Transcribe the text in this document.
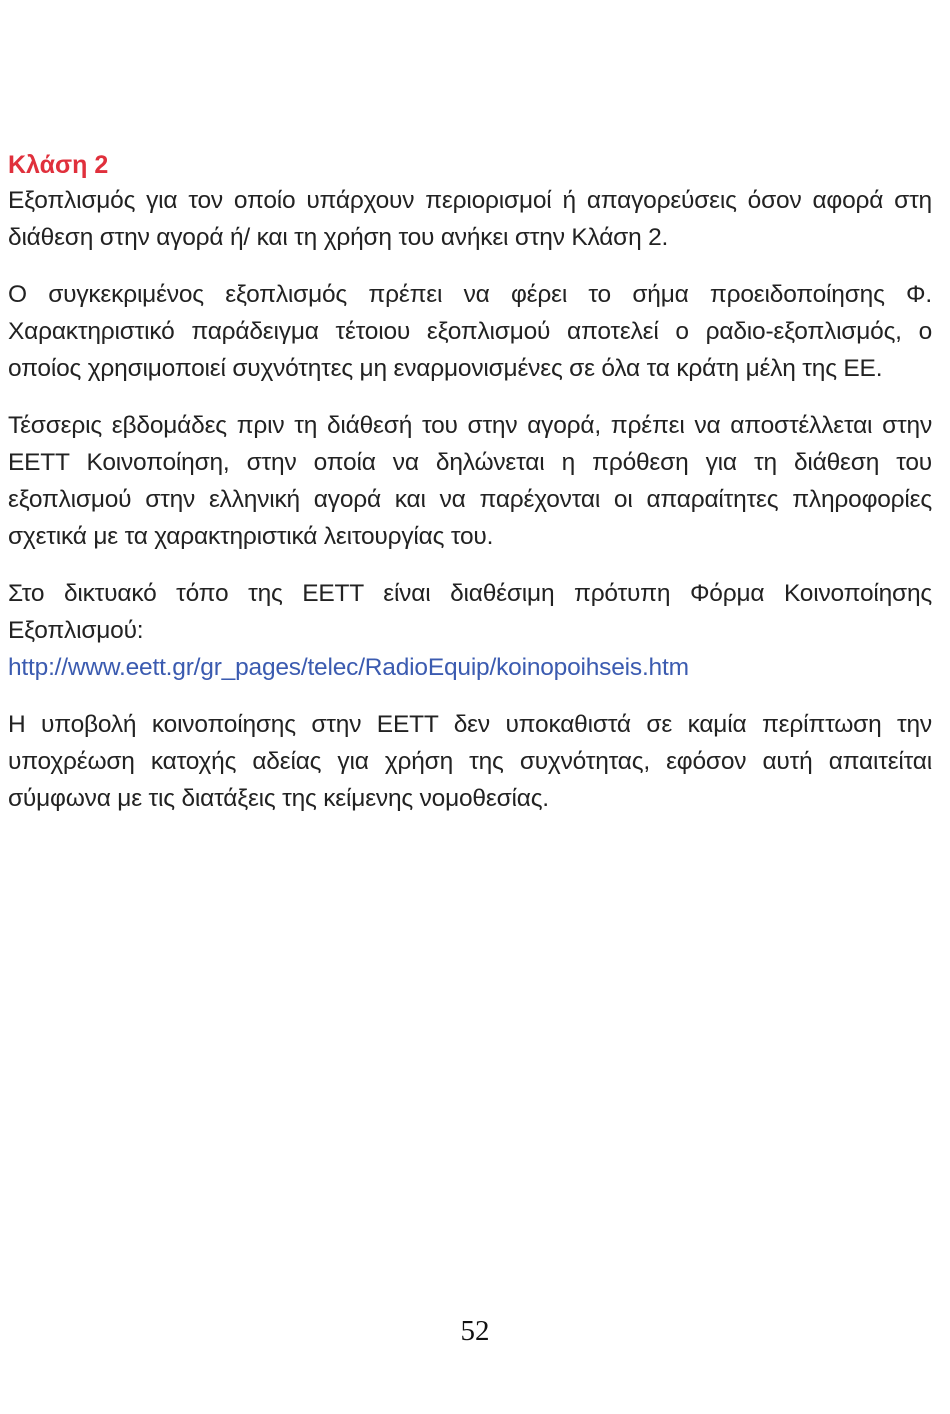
Κλάση 2

Εξοπλισμός για τον οποίο υπάρχουν περιορισμοί ή απαγορεύσεις όσον αφορά στη διάθεση στην αγορά ή/ και τη χρήση του ανήκει στην Κλάση 2.

Ο συγκεκριμένος εξοπλισμός πρέπει να φέρει το σήμα προειδοποίησης Φ. Χαρακτηριστικό παράδειγμα τέτοιου εξοπλισμού αποτελεί ο ραδιο-εξοπλισμός, ο οποίος χρησιμοποιεί συχνότητες μη εναρμονισμένες σε όλα τα κράτη μέλη της ΕΕ.

Τέσσερις εβδομάδες πριν τη διάθεσή του στην αγορά, πρέπει να αποστέλλεται στην ΕΕΤΤ Κοινοποίηση, στην οποία να δηλώνεται η πρόθεση για τη διάθεση του εξοπλισμού στην ελληνική αγορά και να παρέχονται οι απαραίτητες πληροφορίες σχετικά με τα χαρακτηριστικά λειτουργίας του.

Στο δικτυακό τόπο της ΕΕΤΤ είναι διαθέσιμη πρότυπη Φόρμα Κοινοποίησης Εξοπλισμού:

http://www.eett.gr/gr_pages/telec/RadioEquip/koinopoihseis.htm

Η υποβολή κοινοποίησης στην ΕΕΤΤ δεν υποκαθιστά σε καμία περίπτωση την υποχρέωση κατοχής αδείας για χρήση της συχνότητας, εφόσον αυτή απαιτείται σύμφωνα με τις διατάξεις της κείμενης νομοθεσίας.

52
